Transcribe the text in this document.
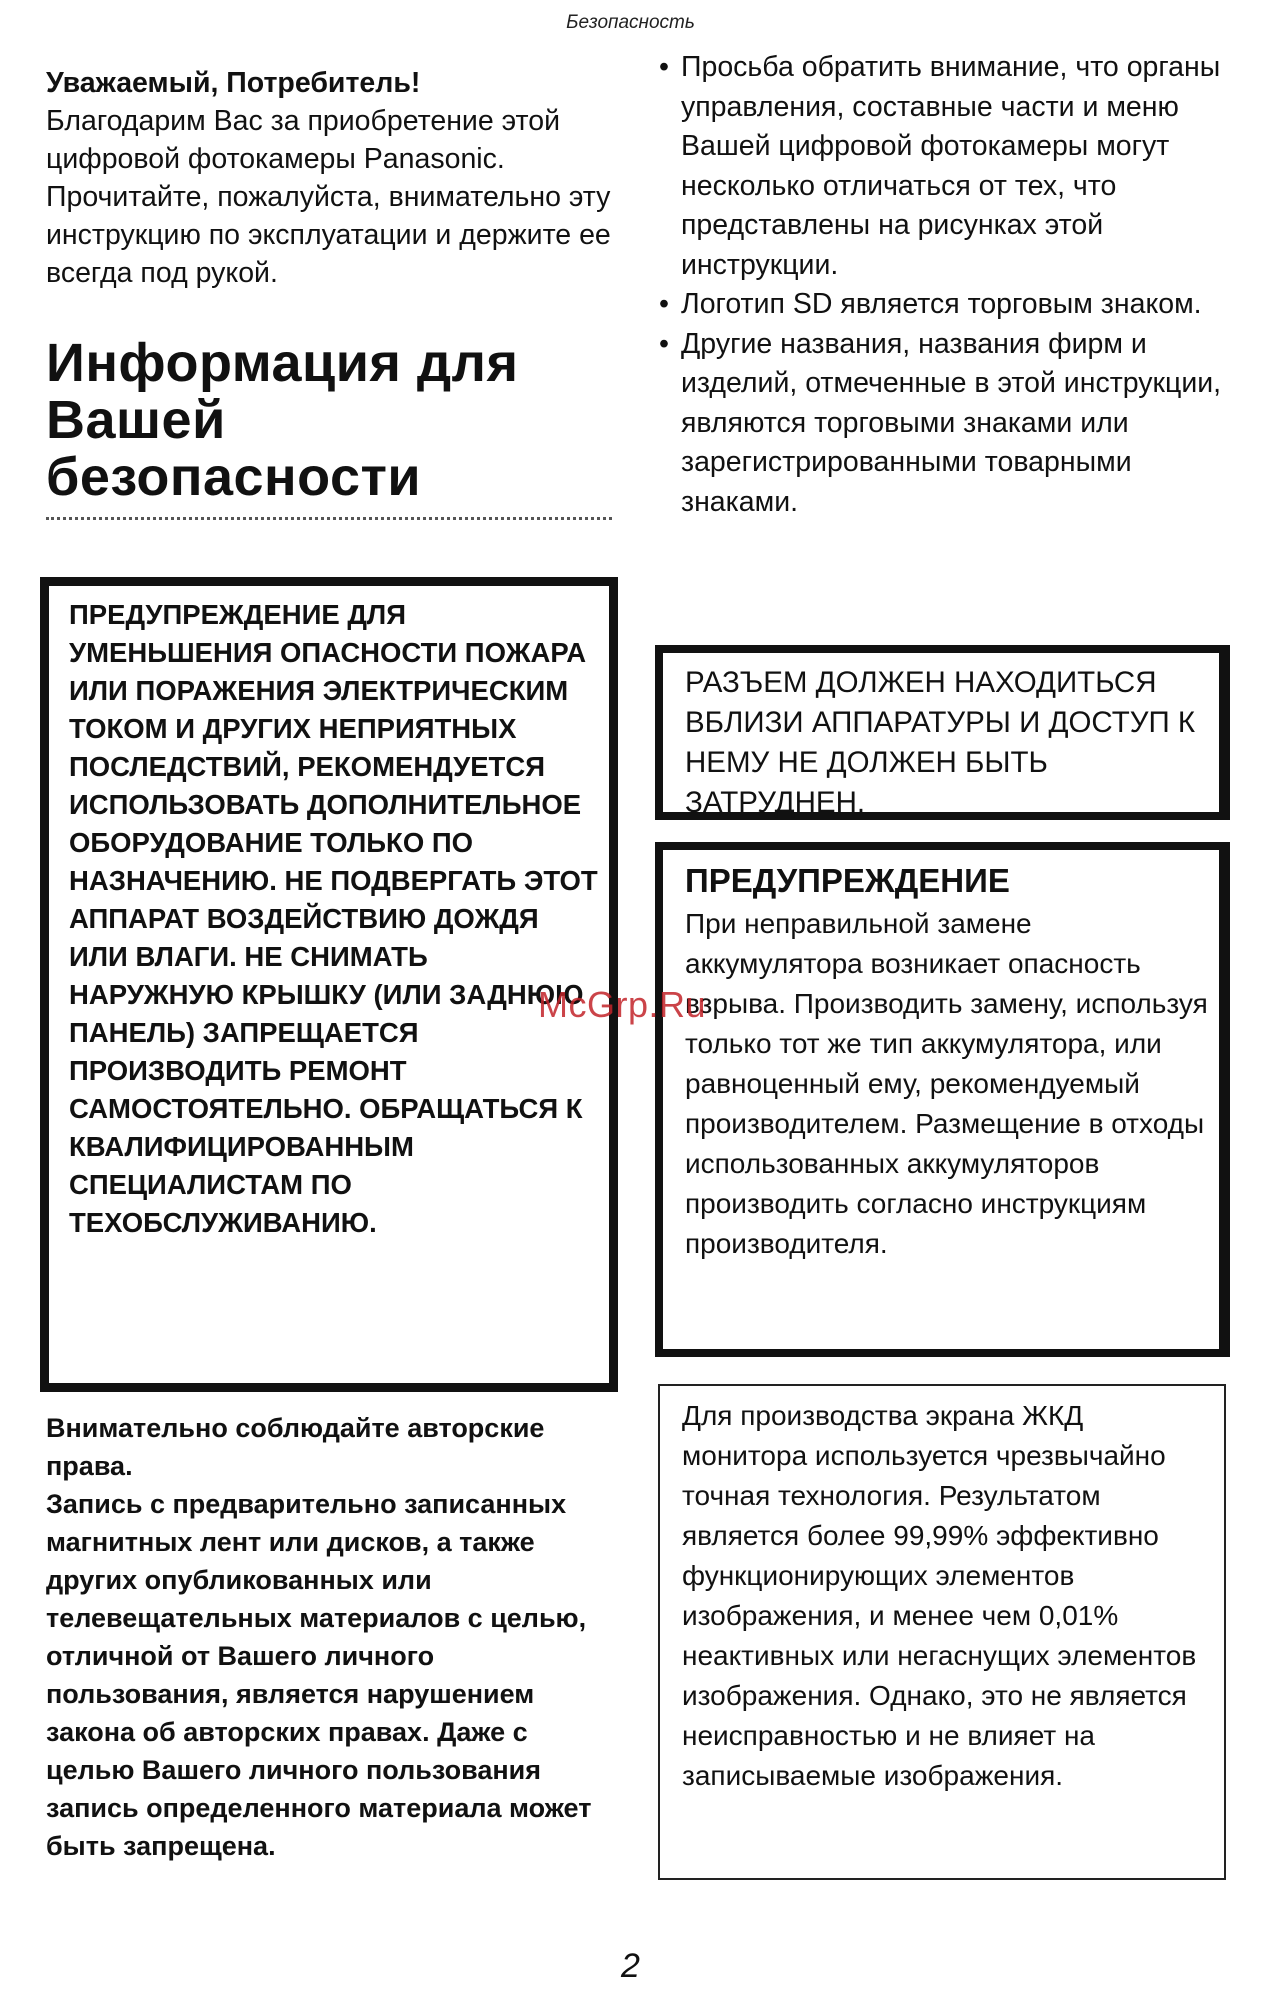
Безопасность
Уважаемый, Потребитель!
Благодарим Вас за приобретение этой цифровой фотокамеры Panasonic. Прочитайте, пожалуйста, внимательно эту инструкцию по эксплуатации и держите ее всегда под рукой.
Информация для Вашей безопасности
ПРЕДУПРЕЖДЕНИЕ ДЛЯ УМЕНЬШЕНИЯ ОПАСНОСТИ ПОЖАРА ИЛИ ПОРАЖЕНИЯ ЭЛЕКТРИЧЕСКИМ ТОКОМ И ДРУГИХ НЕПРИЯТНЫХ ПОСЛЕДСТВИЙ, РЕКОМЕНДУЕТСЯ ИСПОЛЬЗОВАТЬ ДОПОЛНИТЕЛЬНОЕ ОБОРУДОВАНИЕ ТОЛЬКО ПО НАЗНАЧЕНИЮ. НЕ ПОДВЕРГАТЬ ЭТОТ АППАРАТ ВОЗДЕЙСТВИЮ ДОЖДЯ ИЛИ ВЛАГИ. НЕ СНИМАТЬ НАРУЖНУЮ КРЫШКУ (ИЛИ ЗАДНЮЮ ПАНЕЛЬ) ЗАПРЕЩАЕТСЯ ПРОИЗВОДИТЬ РЕМОНТ САМОСТОЯТЕЛЬНО. ОБРАЩАТЬСЯ К КВАЛИФИЦИРОВАННЫМ СПЕЦИАЛИСТАМ ПО ТЕХОБСЛУЖИВАНИЮ.
Внимательно соблюдайте авторские права.
Запись с предварительно записанных магнитных лент или дисков, а также других опубликованных или телевещательных материалов с целью, отличной от Вашего личного пользования, является нарушением закона об авторских правах. Даже с целью Вашего личного пользования запись определенного материала может быть запрещена.
• Просьба обратить внимание, что органы управления, составные части и меню Вашей цифровой фотокамеры могут несколько отличаться от тех, что представлены на рисунках этой инструкции.
• Логотип SD является торговым знаком.
• Другие названия, названия фирм и изделий, отмеченные в этой инструкции, являются торговыми знаками или зарегистрированными товарными знаками.
РАЗЪЕМ ДОЛЖЕН НАХОДИТЬСЯ ВБЛИЗИ АППАРАТУРЫ И ДОСТУП К НЕМУ НЕ ДОЛЖЕН БЫТЬ ЗАТРУДНЕН.
ПРЕДУПРЕЖДЕНИЕ
При неправильной замене аккумулятора возникает опасность взрыва. Производить замену, используя только тот же тип аккумулятора, или равноценный ему, рекомендуемый производителем. Размещение в отходы использованных аккумуляторов производить согласно инструкциям производителя.
Для производства экрана ЖКД монитора используется чрезвычайно точная технология. Результатом является более 99,99% эффективно функционирующих элементов изображения, и менее чем 0,01% неактивных или негаснущих элементов изображения. Однако, это не является неисправностью и не влияет на записываемые изображения.
McGrp.Ru
2
